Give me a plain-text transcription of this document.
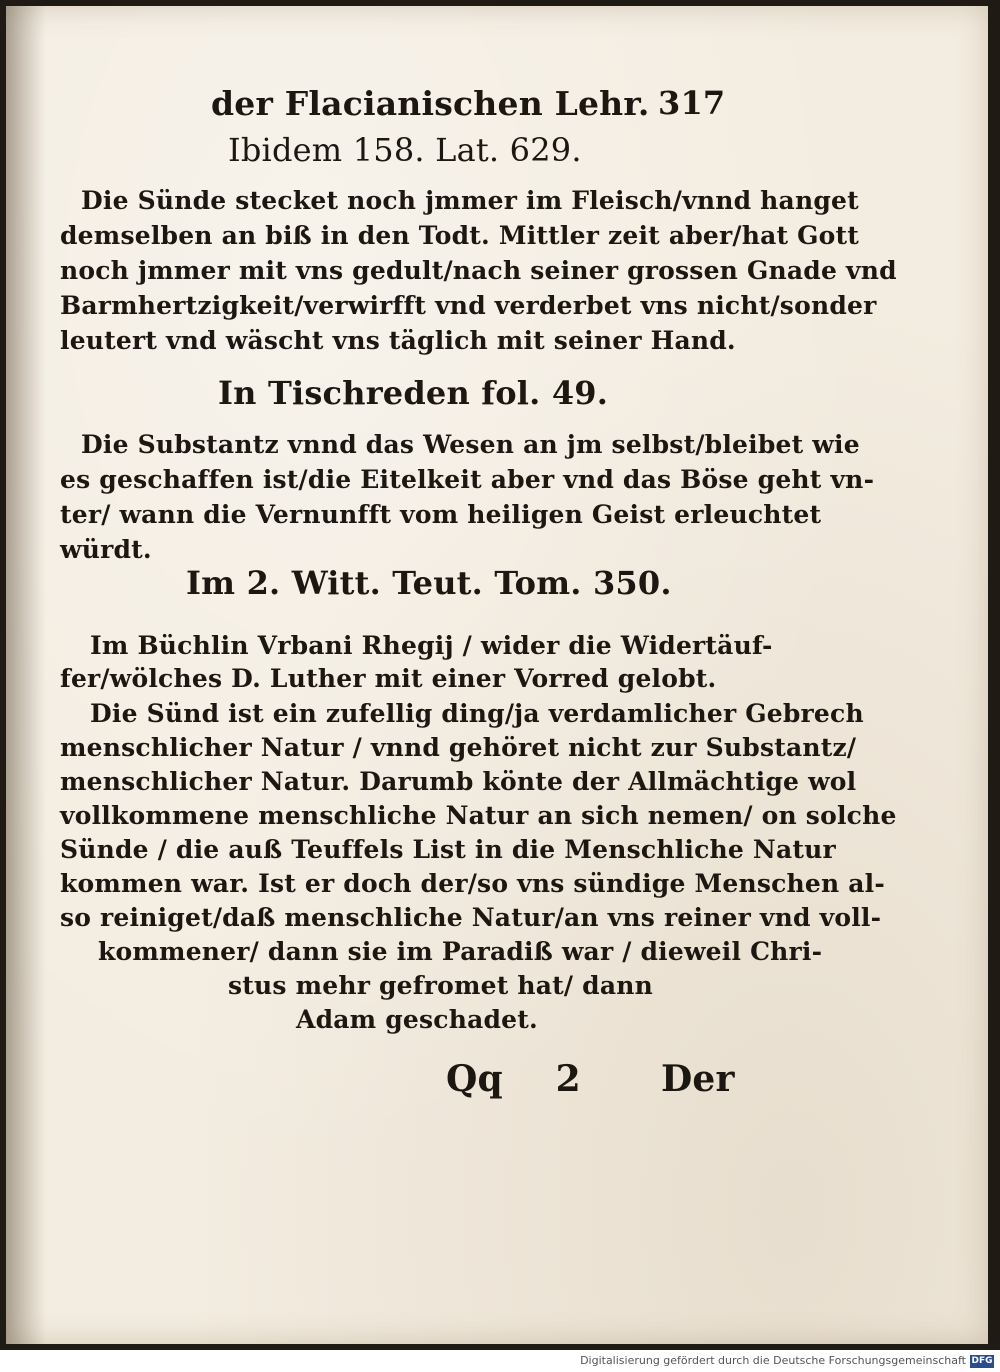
der Flacianischen Lehr. 317
Ibidem 158. Lat. 629.
Die Sünde stecket noch jmmer im Fleisch/vnnd hanget
demselben an biß in den Todt. Mittler zeit aber/hat Gott
noch jmmer mit vns gedult/nach seiner grossen Gnade vnd
Barmhertzigkeit/verwirfft vnd verderbet vns nicht/sonder
leutert vnd wäscht vns täglich mit seiner Hand.
In Tischreden fol. 49.
Die Substantz vnnd das Wesen an jm selbst/bleibet wie
es geschaffen ist/die Eitelkeit aber vnd das Böse geht vn-
ter/ wann die Vernunfft vom heiligen Geist erleuchtet
würdt.
Im 2. Witt. Teut. Tom. 350.
Im Büchlin Vrbani Rhegij / wider die Widertäuf-
fer/wölches D. Luther mit einer Vorred gelobt.
Die Sünd ist ein zufellig ding/ja verdamlicher Gebrech
menschlicher Natur / vnnd gehöret nicht zur Substantz/
menschlicher Natur. Darumb könte der Allmächtige wol
vollkommene menschliche Natur an sich nemen/ on solche
Sünde / die auß Teuffels List in die Menschliche Natur
kommen war. Ist er doch der/so vns sündige Menschen al-
so reiniget/daß menschliche Natur/an vns reiner vnd voll-
kommener/ dann sie im Paradiß war / dieweil Chri-
stus mehr gefromet hat/ dann
Adam geschadet.
Qq 2 Der
Digitalisierung gefördert durch die Deutsche Forschungsgemeinschaft DFG
